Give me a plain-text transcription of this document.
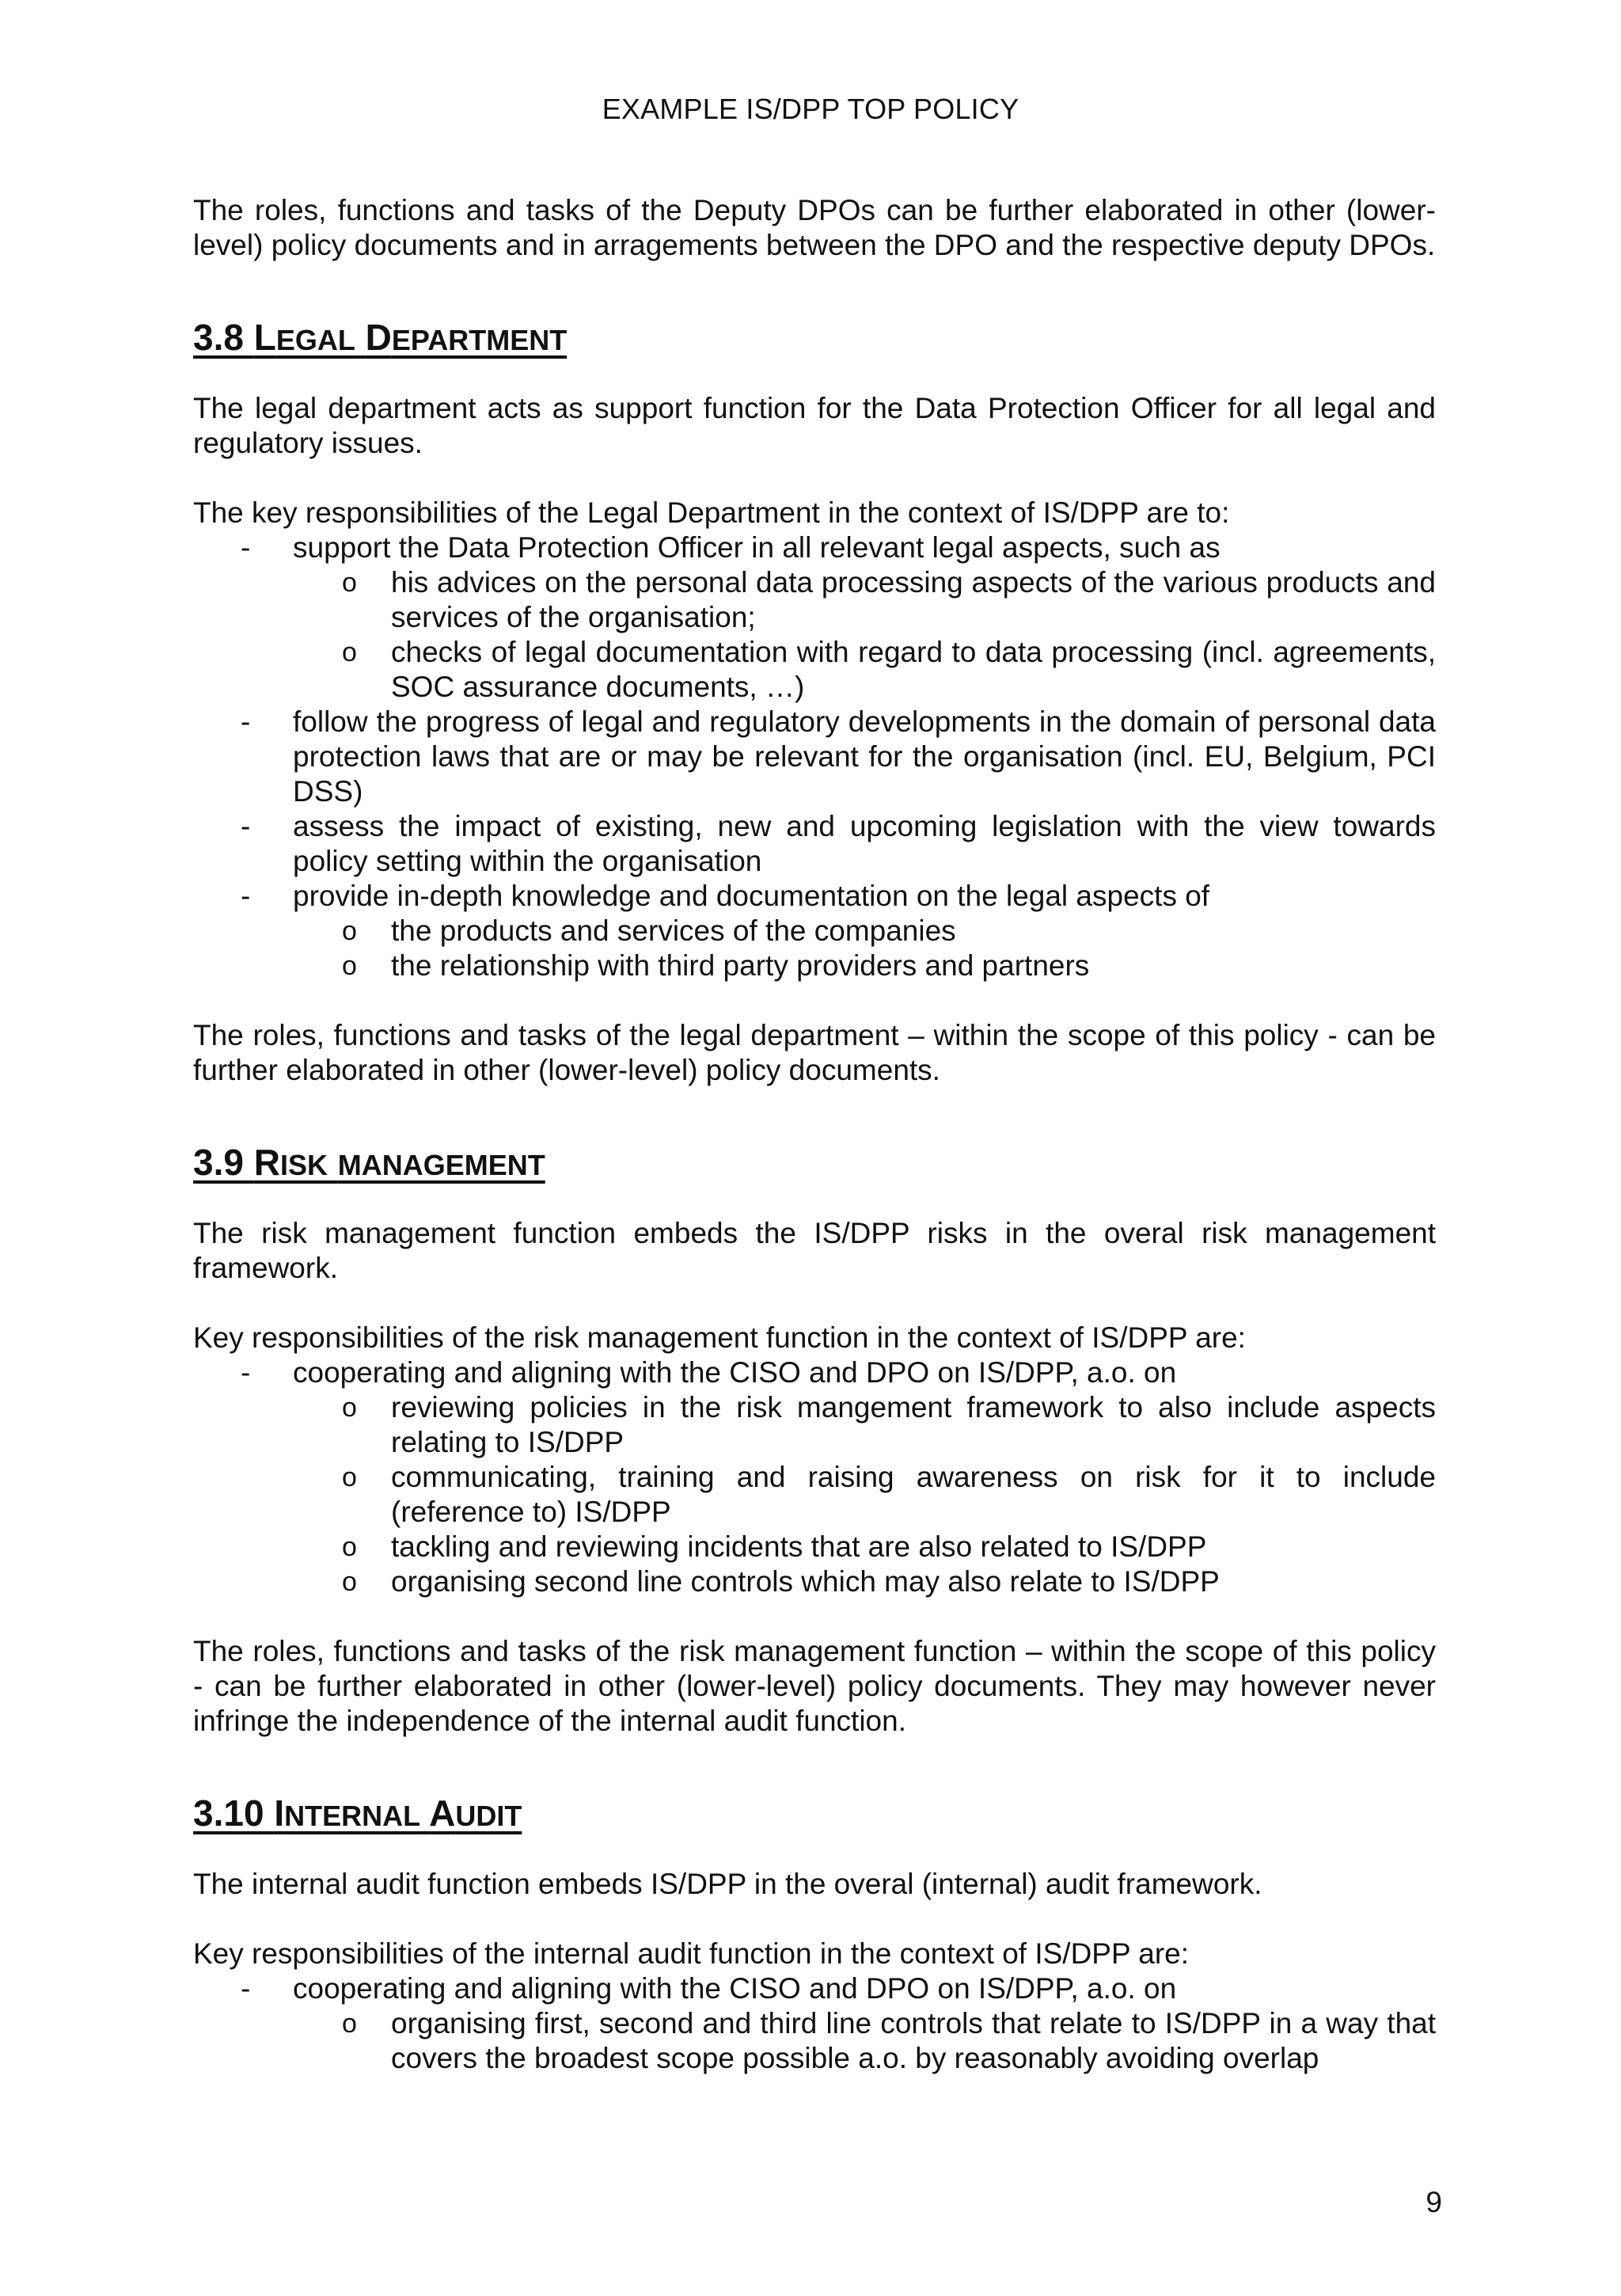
EXAMPLE IS/DPP TOP POLICY

The roles, functions and tasks of the Deputy DPOs can be further elaborated in other (lower-level) policy documents and in arragements between the DPO and the respective deputy DPOs.

3.8 LEGAL DEPARTMENT

The legal department acts as support function for the Data Protection Officer for all legal and regulatory issues.

The key responsibilities of the Legal Department in the context of IS/DPP are to:

- support the Data Protection Officer in all relevant legal aspects, such as
o his advices on the personal data processing aspects of the various products and services of the organisation;
o checks of legal documentation with regard to data processing (incl. agreements, SOC assurance documents, …)
- follow the progress of legal and regulatory developments in the domain of personal data protection laws that are or may be relevant for the organisation (incl. EU, Belgium, PCI DSS)
- assess the impact of existing, new and upcoming legislation with the view towards policy setting within the organisation
- provide in-depth knowledge and documentation on the legal aspects of
o the products and services of the companies
o the relationship with third party providers and partners

The roles, functions and tasks of the legal department – within the scope of this policy - can be further elaborated in other (lower-level) policy documents.

3.9 RISK MANAGEMENT

The risk management function embeds the IS/DPP risks in the overal risk management framework.

Key responsibilities of the risk management function in the context of IS/DPP are:

- cooperating and aligning with the CISO and DPO on IS/DPP, a.o. on
o reviewing policies in the risk mangement framework to also include aspects relating to IS/DPP
o communicating, training and raising awareness on risk for it to include (reference to) IS/DPP
o tackling and reviewing incidents that are also related to IS/DPP
o organising second line controls which may also relate to IS/DPP

The roles, functions and tasks of the risk management function – within the scope of this policy - can be further elaborated in other (lower-level) policy documents. They may however never infringe the independence of the internal audit function.

3.10 INTERNAL AUDIT

The internal audit function embeds IS/DPP in the overal (internal) audit framework.

Key responsibilities of the internal audit function in the context of IS/DPP are:

- cooperating and aligning with the CISO and DPO on IS/DPP, a.o. on
o organising first, second and third line controls that relate to IS/DPP in a way that covers the broadest scope possible a.o. by reasonably avoiding overlap
9
